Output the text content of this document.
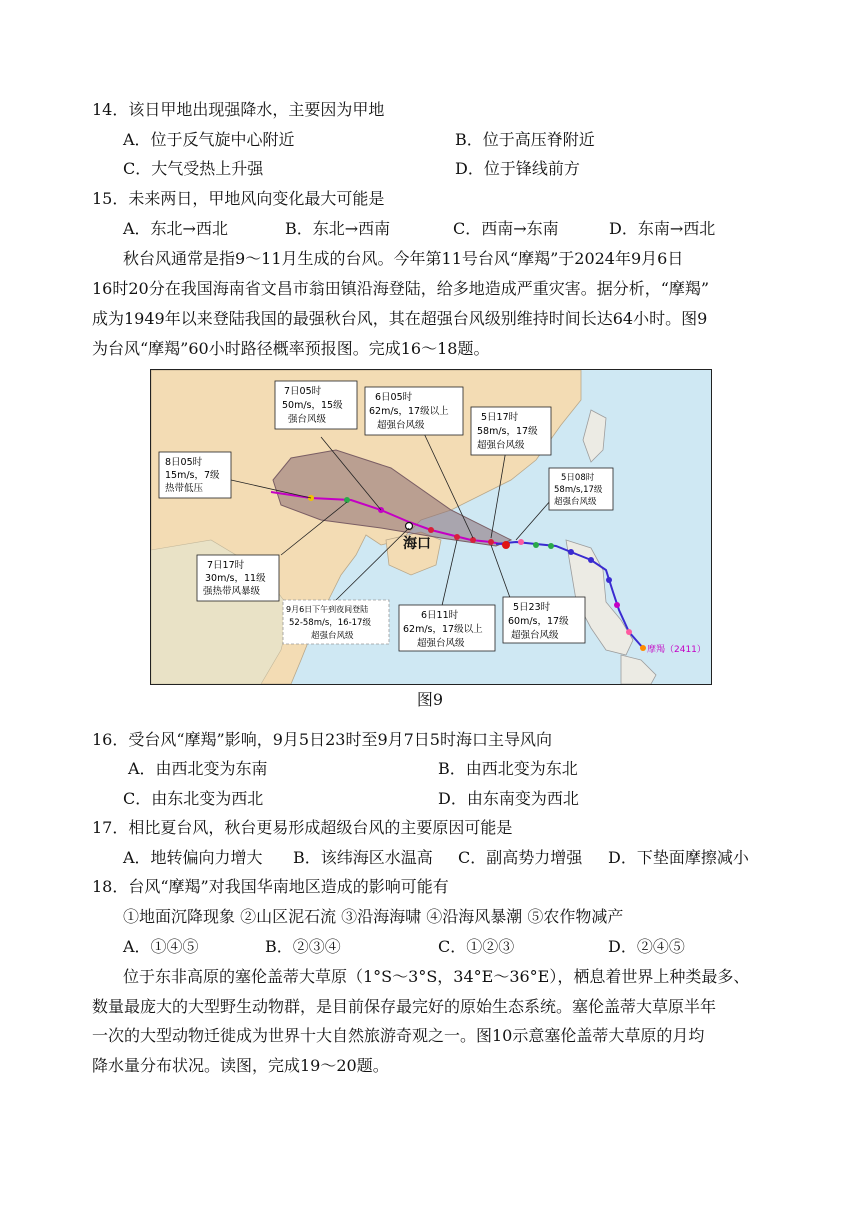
14．该日甲地出现强降水，主要因为甲地
A．位于反气旋中心附近	B．位于高压脊附近
C．大气受热上升强	D．位于锋线前方
15．未来两日，甲地风向变化最大可能是
A．东北→西北	B．东北→西南	C．西南→东南	D．东南→西北
秋台风通常是指9～11月生成的台风。今年第11号台风“摩羯”于2024年9月6日
16时20分在我国海南省文昌市翁田镇沿海登陆，给多地造成严重灾害。据分析，“摩羯”
成为1949年以来登陆我国的最强秋台风，其在超强台风级别维持时间长达64小时。图9
为台风“摩羯”60小时路径概率预报图。完成16～18题。
海口
摩羯（2411）
8日05时
15m/s，7级
热带低压
7日05时
50m/s，15级
强台风级
6日05时
62m/s，17级以上
超强台风级
5日17时
58m/s，17级
超强台风级
5日08时
58m/s,17级
超强台风级
7日17时
30m/s，11级
强热带风暴级
9月6日下午到夜间登陆
52-58m/s，16-17级
超强台风级
6日11时
62m/s，17级以上
超强台风级
5日23时
60m/s，17级
超强台风级
图9
16．受台风“摩羯”影响，9月5日23时至9月7日5时海口主导风向
A．由西北变为东南	B．由西北变为东北
C．由东北变为西北	D．由东南变为西北
17．相比夏台风，秋台更易形成超级台风的主要原因可能是
A．地转偏向力增大 B．该纬海区水温高 C．副高势力增强 D．下垫面摩擦减小
18．台风“摩羯”对我国华南地区造成的影响可能有
①地面沉降现象 ②山区泥石流 ③沿海海啸 ④沿海风暴潮 ⑤农作物减产
A．①④⑤	B．②③④	C．①②③	D．②④⑤
位于东非高原的塞伦盖蒂大草原（1°S～3°S，34°E～36°E），栖息着世界上种类最多、
数量最庞大的大型野生动物群，是目前保存最完好的原始生态系统。塞伦盖蒂大草原半年
一次的大型动物迁徙成为世界十大自然旅游奇观之一。图10示意塞伦盖蒂大草原的月均
降水量分布状况。读图，完成19～20题。
